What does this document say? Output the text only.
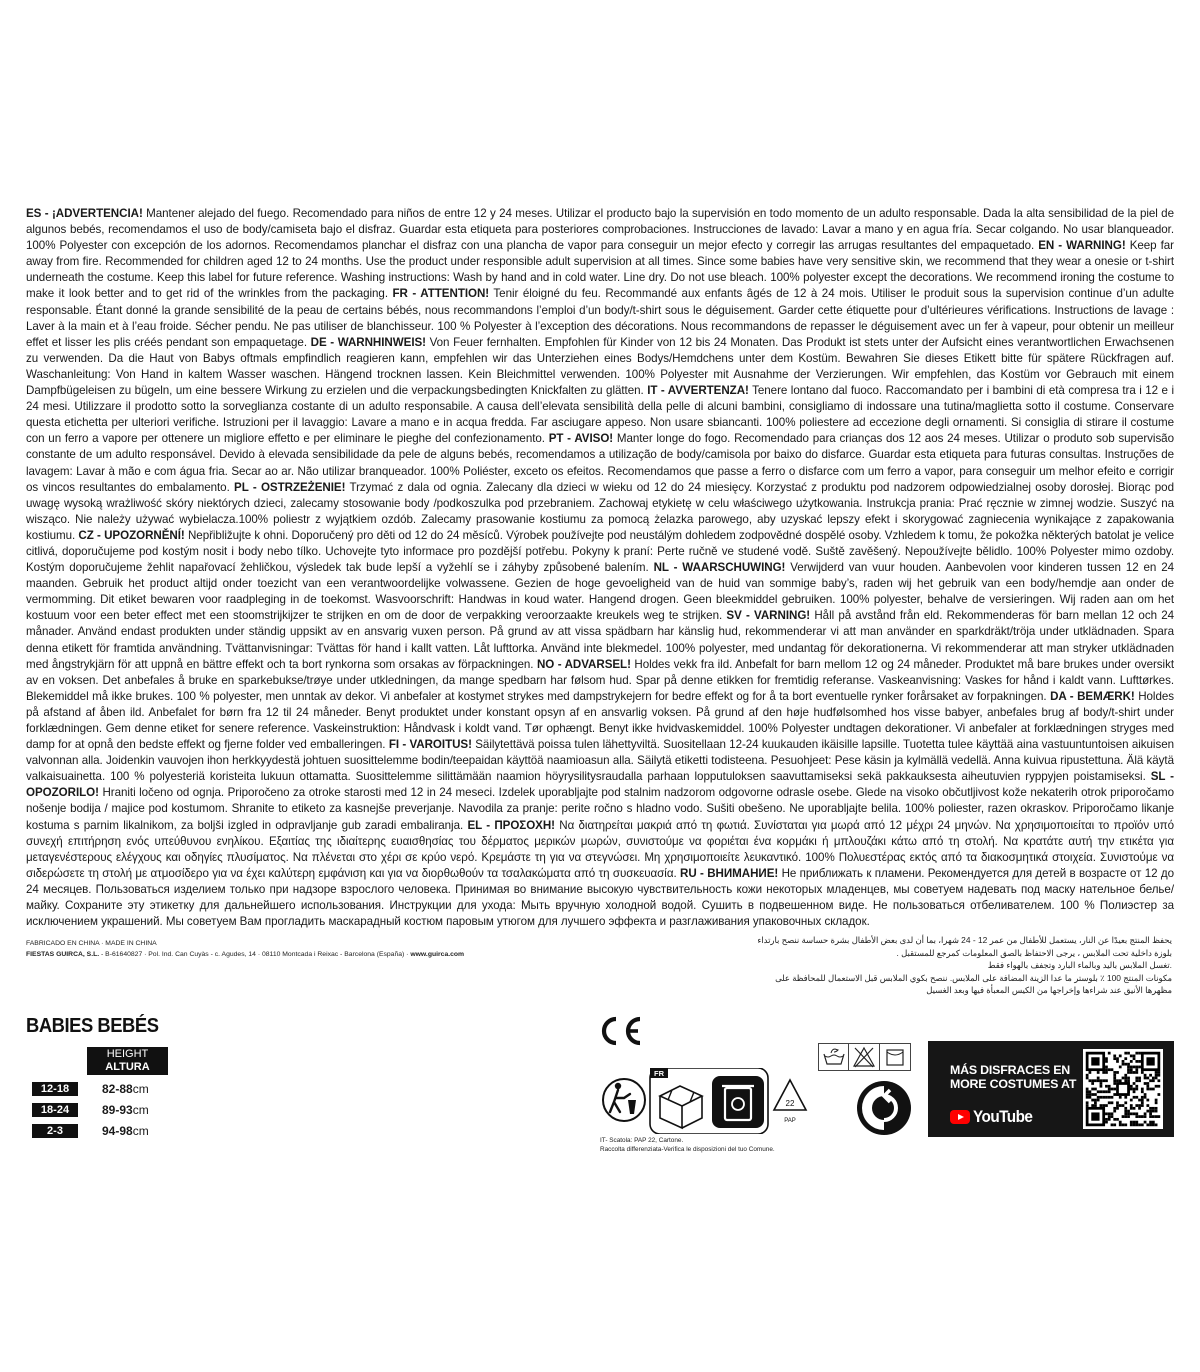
ES - ¡ADVERTENCIA! Mantener alejado del fuego. Recomendado para niños de entre 12 y 24 meses. Utilizar el producto bajo la supervisión en todo momento de un adulto responsable. Dada la alta sensibilidad de la piel de algunos bebés, recomendamos el uso de body/camiseta bajo el disfraz. Guardar esta etiqueta para posteriores comprobaciones. Instrucciones de lavado: Lavar a mano y en agua fría. Secar colgando. No usar blanqueador. 100% Polyester con excepción de los adornos. Recomendamos planchar el disfraz con una plancha de vapor para conseguir un mejor efecto y corregir las arrugas resultantes del empaquetado. EN - WARNING! Keep far away from fire. Recommended for children aged 12 to 24 months. Use the product under responsible adult supervision at all times. Since some babies have very sensitive skin, we recommend that they wear a onesie or t-shirt underneath the costume. Keep this label for future reference. Washing instructions: Wash by hand and in cold water. Line dry. Do not use bleach. 100% polyester except the decorations. We recommend ironing the costume to make it look better and to get rid of the wrinkles from the packaging. FR - ATTENTION! Tenir éloigné du feu. Recommandé aux enfants âgés de 12 à 24 mois. Utiliser le produit sous la supervision continue d’un adulte responsable. Étant donné la grande sensibilité de la peau de certains bébés, nous recommandons l’emploi d’un body/t-shirt sous le déguisement. Garder cette étiquette pour d’ultérieures vérifications. Instructions de lavage : Laver à la main et à l’eau froide. Sécher pendu. Ne pas utiliser de blanchisseur. 100 % Polyester à l’exception des décorations. Nous recommandons de repasser le déguisement avec un fer à vapeur, pour obtenir un meilleur effet et lisser les plis créés pendant son empaquetage. DE - WARNHINWEIS! Von Feuer fernhalten. Empfohlen für Kinder von 12 bis 24 Monaten. Das Produkt ist stets unter der Aufsicht eines verantwortlichen Erwachsenen zu verwenden. Da die Haut von Babys oftmals empfindlich reagieren kann, empfehlen wir das Unterziehen eines Bodys/Hemdchens unter dem Kostüm. Bewahren Sie dieses Etikett bitte für spätere Rückfragen auf. Waschanleitung: Von Hand in kaltem Wasser waschen. Hängend trocknen lassen. Kein Bleichmittel verwenden. 100% Polyester mit Ausnahme der Verzierungen. Wir empfehlen, das Kostüm vor Gebrauch mit einem Dampfbügeleisen zu bügeln, um eine bessere Wirkung zu erzielen und die verpackungsbedingten Knickfalten zu glätten. IT - AVVERTENZA! Tenere lontano dal fuoco. Raccomandato per i bambini di età compresa tra i 12 e i 24 mesi. Utilizzare il prodotto sotto la sorveglianza costante di un adulto responsabile. A causa dell’elevata sensibilità della pelle di alcuni bambini, consigliamo di indossare una tutina/maglietta sotto il costume. Conservare questa etichetta per ulteriori verifiche. Istruzioni per il lavaggio: Lavare a mano e in acqua fredda. Far asciugare appeso. Non usare sbiancanti. 100% poliestere ad eccezione degli ornamenti. Si consiglia di stirare il costume con un ferro a vapore per ottenere un migliore effetto e per eliminare le pieghe del confezionamento. PT - AVISO! Manter longe do fogo. Recomendado para crianças dos 12 aos 24 meses. Utilizar o produto sob supervisão constante de um adulto responsável. Devido à elevada sensibilidade da pele de alguns bebés, recomendamos a utilização de body/camisola por baixo do disfarce. Guardar esta etiqueta para futuras consultas. Instruções de lavagem: Lavar à mão e com água fria. Secar ao ar. Não utilizar branqueador. 100% Poliéster, exceto os efeitos. Recomendamos que passe a ferro o disfarce com um ferro a vapor, para conseguir um melhor efeito e corrigir os vincos resultantes do embalamento. PL - OSTRZEŻENIE! Trzymać z dala od ognia. Zalecany dla dzieci w wieku od 12 do 24 miesięcy. Korzystać z produktu pod nadzorem odpowiedzialnej osoby dorosłej. Biorąc pod uwagę wysoką wrażliwość skóry niektórych dzieci, zalecamy stosowanie body /podkoszulka pod przebraniem. Zachowaj etykietę w celu właściwego użytkowania. Instrukcja prania: Prać ręcznie w zimnej wodzie. Suszyć na wiszącо. Nie należy używać wybielacza.100% poliestr z wyjątkiem ozdób. Zalecamy prasowanie kostiumu za pomocą żelazka parowego, aby uzyskać lepszy efekt i skorygować zagniecenia wynikające z zapakowania kostiumu. CZ - UPOZORNĚNÍ! Nepřibližujte k ohni. Doporučený pro děti od 12 do 24 měsíců. Výrobek používejte pod neustálým dohledem zodpovědné dospělé osoby. Vzhledem k tomu, že pokožka některých batolat je velice citlivá, doporučujeme pod kostým nosit i body nebo tílko. Uchovejte tyto informace pro pozdější potřebu. Pokyny k praní: Perte ručně ve studené vodě. Suště zavěšený. Nepoužívejte bělidlo. 100% Polyester mimo ozdoby. Kostým doporučujeme žehlit napařovací žehličkou, výsledek tak bude lepší a vyžehlí se i záhyby způsobené balením. NL - WAARSCHUWING! Verwijderd van vuur houden. Aanbevolen voor kinderen tussen 12 en 24 maanden. Gebruik het product altijd onder toezicht van een verantwoordelijke volwassene. Gezien de hoge gevoeligheid van de huid van sommige baby’s, raden wij het gebruik van een body/hemdje aan onder de vermomming. Dit etiket bewaren voor raadpleging in de toekomst. Wasvoorschrift: Handwas in koud water. Hangend drogen. Geen bleekmiddel gebruiken. 100% polyester, behalve de versieringen. Wij raden aan om het kostuum voor een beter effect met een stoomstrijkijzer te strijken en om de door de verpakking veroorzaakte kreukels weg te strijken. SV - VARNING! Håll på avstånd från eld. Rekommenderas för barn mellan 12 och 24 månader. Använd endast produkten under ständig uppsikt av en ansvarig vuxen person. På grund av att vissa spädbarn har känslig hud, rekommenderar vi att man använder en sparkdräkt/tröja under utklädnaden. Spara denna etikett för framtida användning. Tvättanvisningar: Tvättas för hand i kallt vatten. Låt lufttorka. Använd inte blekmedel. 100% polyester, med undantag för dekorationerna. Vi rekommenderar att man stryker utklädnaden med ångstrykjärn för att uppnå en bättre effekt och ta bort rynkorna som orsakas av förpackningen. NO - ADVARSEL! Holdes vekk fra ild. Anbefalt for barn mellom 12 og 24 måneder. Produktet må bare brukes under oversikt av en voksen. Det anbefales å bruke en sparkebukse/trøye under utkledningen, da mange spedbarn har følsom hud. Spar på denne etikken for fremtidig referanse. Vaskeanvisning: Vaskes for hånd i kaldt vann. Lufttørkes. Blekemiddel må ikke brukes. 100 % polyester, men unntak av dekor. Vi anbefaler at kostymet strykes med dampstrykejern for bedre effekt og for å ta bort eventuelle rynker forårsaket av forpakningen. DA - BEMÆRK! Holdes på afstand af åben ild. Anbefalet for børn fra 12 til 24 måneder. Benyt produktet under konstant opsyn af en ansvarlig voksen. På grund af den høje hudfølsomhed hos visse babyer, anbefales brug af body/t-shirt under forklædningen. Gem denne etiket for senere reference. Vaskeinstruktion: Håndvask i koldt vand. Tør ophængt. Benyt ikke hvidvaskemiddel. 100% Polyester undtagen dekorationer. Vi anbefaler at forklædningen stryges med damp for at opnå den bedste effekt og fjerne folder ved emballeringen. FI - VAROITUS! Säilytettävä poissa tulen lähettyviltä. Suositellaan 12-24 kuukauden ikäisille lapsille. Tuotetta tulee käyttää aina vastuuntuntoisen aikuisen valvonnan alla. Joidenkin vauvojen ihon herkkyydestä johtuen suosittelemme bodin/teepaidan käyttöä naamioasun alla. Säilytä etiketti todisteena. Pesuohjeet: Pese käsin ja kylmällä vedellä. Anna kuivua ripustettuna. Älä käytä valkaisuainetta. 100 % polyesteriä koristeita lukuun ottamatta. Suosittelemme silittämään naamion höyrysilitysraudalla parhaan lopputuloksen saavuttamiseksi sekä pakkauksesta aiheutuvien ryppyjen poistamiseksi. SL - OPOZORILO! Hraniti ločeno od ognja. Priporočeno za otroke starosti med 12 in 24 meseci. Izdelek uporabljajte pod stalnim nadzorom odgovorne odrasle osebe. Glede na visoko občutljivost kože nekaterih otrok priporočamo nošenje bodija / majice pod kostumom. Shranite to etiketo za kasnejše preverjanje. Navodila za pranje: perite ročno s hladno vodo. Sušiti obešeno. Ne uporabljajte belila. 100% poliester, razen okraskov. Priporočamo likanje kostuma s parnim likalnikom, za boljši izgled in odpravljanje gub zaradi embaliranja. EL - ΠΡΟΣΟΧΗ! Να διατηρείται μακριά από τη φωτιά. Συνίσταται για μωρά από 12 μέχρι 24 μηνών. Να χρησιμοποιείται το προϊόν υπό συνεχή επιτήρηση ενός υπεύθυνου ενηλίκου. Εξαιτίας της ιδιαίτερης ευαισθησίας του δέρματος μερικών μωρών, συνιστούμε να φοριέται ένα κορμάκι ή μπλουζάκι κάτω από τη στολή. Να κρατάτε αυτή την ετικέτα για μεταγενέστερους ελέγχους και οδηγίες πλυσίματος. Να πλένεται στο χέρι σε κρύο νερό. Κρεμάστε τη για να στεγνώσει. Μη χρησιμοποιείτε λευκαντικό. 100% Πολυεστέρας εκτός από τα διακοσμητικά στοιχεία. Συνιστούμε να σιδερώσετε τη στολή με ατμοσίδερο για να έχει καλύτερη εμφάνιση και για να διορθωθούν τα τσαλακώματα από τη συσκευασία. RU - ВНИМАНИЕ! Не приближать к пламени. Рекомендуется для детей в возрасте от 12 до 24 месяцев. Пользоваться изделием только при надзоре взрослого человека. Принимая во внимание высокую чувствительность кожи некоторых младенцев, мы советуем надевать под маску нательное белье/майку. Сохраните эту этикетку для дальнейшего использования. Инструкции для ухода: Мыть вручную холодной водой. Сушить в подвешенном виде. Не пользоваться отбеливателем. 100 % Полиэстер за исключением украшений. Мы советуем Вам прогладить маскарадный костюм паровым утюгом для лучшего эффекта и разглаживания упаковочных складок.
FABRICADO EN CHINA · MADE IN CHINA
FIESTAS GUIRCA, S.L. - B-61640827 · Pol. Ind. Can Cuyàs - c. Agudes, 14 · 08110 Montcada i Reixac - Barcelona (España) · www.guirca.com
يحفظ المنتج بعيدًا عن النار، يستعمل للأطفال من عمر 12 - 24 شهرا، بما أن لدى بعض الأطفال بشرة حساسة ننصح بارتداء
بلوزة داخلية تحت الملابس ، يرجى الاحتفاظ بالصق المعلومات كمرجع للمستقبل .
.تغسل الملابس باليد وبالماء البارد وتجفف بالهواء فقط
مكونات المنتج 100 ٪ بلوستر ما عدا الزينة المضافة على الملابس. ننصح بكوي الملابس قبل الاستعمال للمحافظة على
مظهرها الأنيق عند شراءها وإخراجها من الكيس المعبأة فيها وبعد الغسيل
BABIES BEBÉS
HEIGHT
ALTURA
12-18	82-88cm
18-24	89-93cm
2-3	94-98cm
FR
22
PAP
IT- Scatola: PAP 22, Cartone.
Raccolta differenziata-Verifica le disposizioni del tuo Comune.
MÁS DISFRACES EN
MORE COSTUMES AT
YouTube
